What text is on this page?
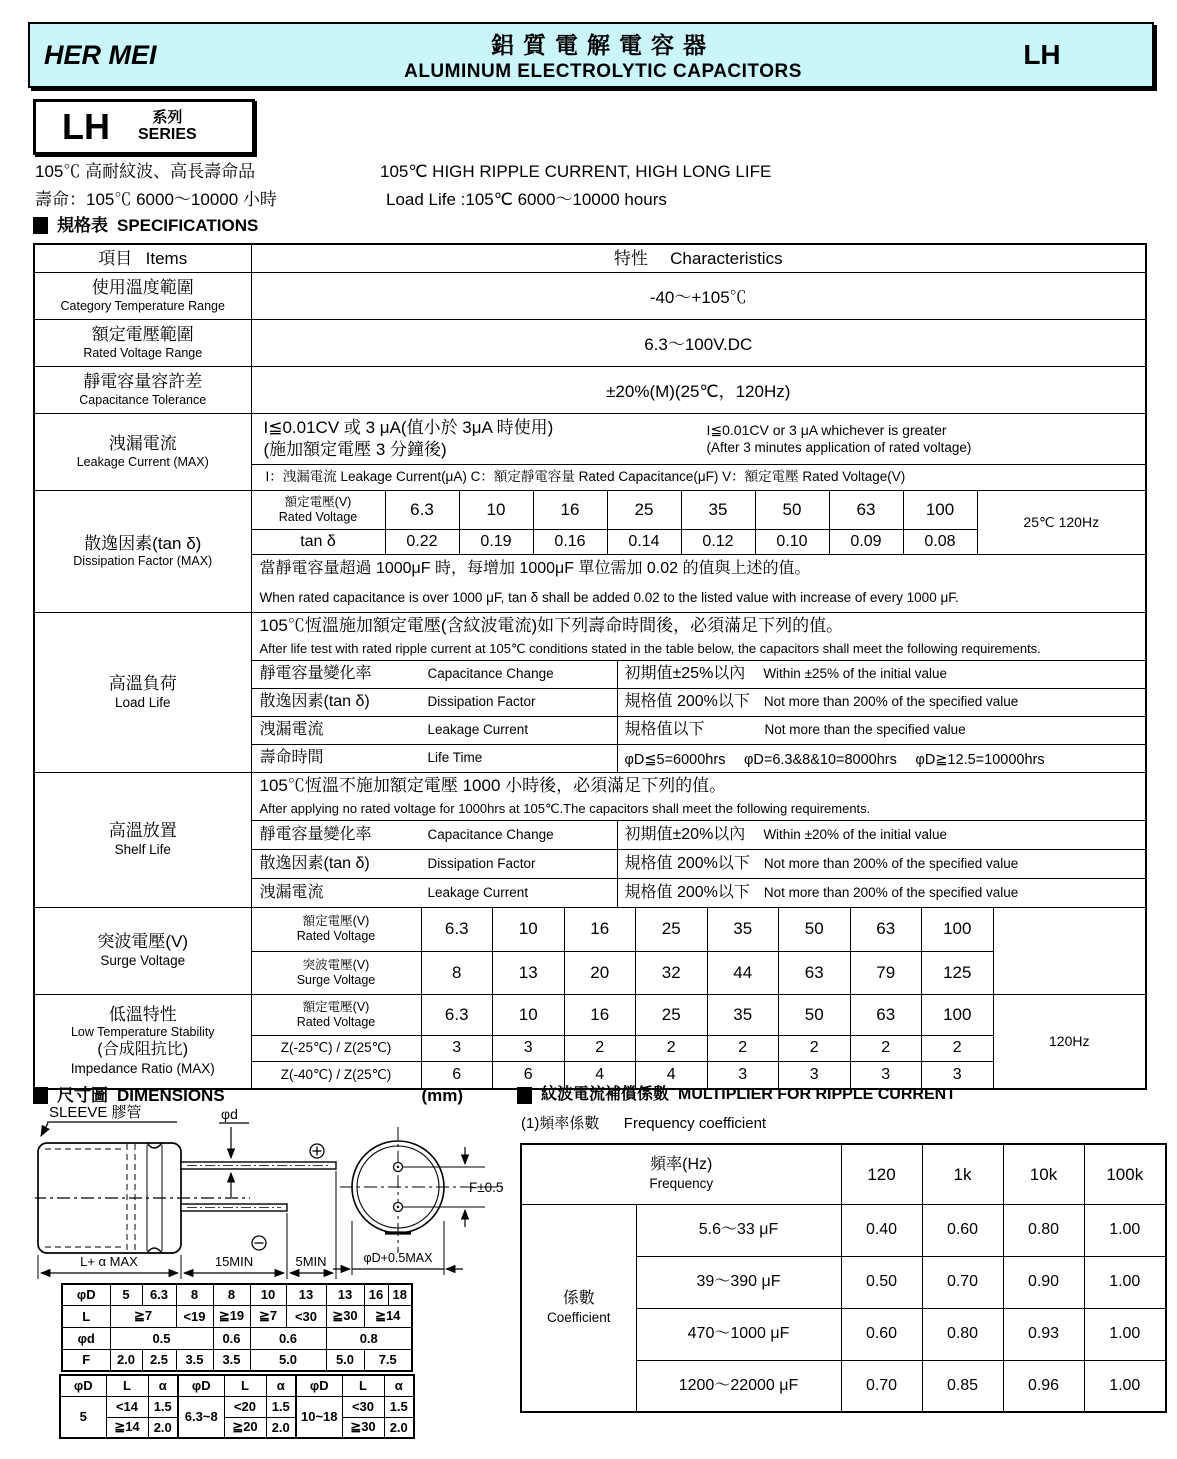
HER MEI	鋁質電解電容器
ALUMINUM ELECTROLYTIC CAPACITORS
LH
LH	系列
SERIES
105℃ 高耐紋波、高長壽命品	105℃ HIGH RIPPLE CURRENT, HIGH LONG LIFE
壽命：105℃ 6000～10000 小時	Load Life :105℃ 6000～10000 hours
規格表 SPECIFICATIONS
項目 Items	特性 Characteristics

使用溫度範圍
Category Temperature Range	-40～+105℃

額定電壓範圍
Rated Voltage Range	6.3～100V.DC

靜電容量容許差
Capacitance Tolerance	±20%(M)(25℃，120Hz)

洩漏電流
Leakage Current (MAX)

I≦0.01CV 或 3 μA(值小於 3μA 時使用)
(施加額定電壓 3 分鐘後)
I≦0.01CV or 3 μA whichever is greater
(After 3 minutes application of rated voltage)
I：洩漏電流 Leakage Current(μA) C：額定靜電容量 Rated Capacitance(μF) V：額定電壓 Rated Voltage(V)

散逸因素(tan δ)
Dissipation Factor (MAX)

額定電壓(V)
Rated Voltage	6.3	10	16	25	35	50	63	100
25℃ 120Hz
tan δ	0.22	0.19	0.16	0.14	0.12	0.10	0.09	0.08
當靜電容量超過 1000μF 時，每增加 1000μF 單位需加 0.02 的值與上述的值。
When rated capacitance is over 1000 μF, tan δ shall be added 0.02 to the listed value with increase of every 1000 μF.

高溫負荷
Load Life

105℃恆溫施加額定電壓(含紋波電流)如下列壽命時間後，必須滿足下列的值。
After life test with rated ripple current at 105℃ conditions stated in the table below, the capacitors shall meet the following requirements.
靜電容量變化率	Capacitance Change	初期值±25%以內 Within ±25% of the initial value
散逸因素(tan δ)	Dissipation Factor	規格值 200%以下 Not more than 200% of the specified value
洩漏電流	Leakage Current	規格值以下	Not more than the specified value
壽命時間	Life Time	φD≦5=6000hrs　 φD=6.3&8&10=8000hrs　 φD≧12.5=10000hrs

高溫放置
Shelf Life

105℃恆溫不施加額定電壓 1000 小時後，必須滿足下列的值。
After applying no rated voltage for 1000hrs at 105℃.The capacitors shall meet the following requirements.
靜電容量變化率	Capacitance Change	初期值±20%以內 Within ±20% of the initial value
散逸因素(tan δ)	Dissipation Factor	規格值 200%以下 Not more than 200% of the specified value
洩漏電流	Leakage Current	規格值 200%以下 Not more than 200% of the specified value

突波電壓(V)
Surge Voltage

額定電壓(V)
Rated Voltage	6.3	10	16	25	35	50	63	100
突波電壓(V)
Surge Voltage	8	13	20	32	44	63	79	125

低溫特性
Low Temperature Stability
(合成阻抗比)
Impedance Ratio (MAX)

額定電壓(V)
Rated Voltage	6.3	10	16	25	35	50	63	100
120Hz
Z(-25℃) / Z(25℃)	3	3	2	2	2	2	2	2
Z(-40℃) / Z(25℃)	6	6	4	4	3	3	3	3
尺寸圖 DIMENSIONS	(mm)	紋波電流補償係數 MULTIPLIER FOR RIPPLE CURRENT
(1)頻率係數 Frequency coefficient
SLEEVE 膠管	φd
L+ α MAX	15MIN	5MIN
F±0.5
φD+0.5MAX
φD	5	6.3	8	8	10	13	13	16	18
L	≧7		<19	≧19	≧7	<30	≧30	≧14	
φd	0.5			0.6	0.6		0.8		
F	2.0	2.5	3.5	3.5	5.0		5.0	7.5	
φD	L	α	φD	L	α	φD	L	α
5	<14	1.5	6.3~8	<20	1.5	10~18	<30	1.5
	≧14	2.0		≧20	2.0		≧30	2.0
頻率(Hz)
Frequency		120	1k	10k	100k

係數
Coefficient	5.6～33 μF	0.40	0.60	0.80	1.00
	39～390 μF	0.50	0.70	0.90	1.00
	470～1000 μF	0.60	0.80	0.93	1.00
	1200～22000 μF	0.70	0.85	0.96	1.00
